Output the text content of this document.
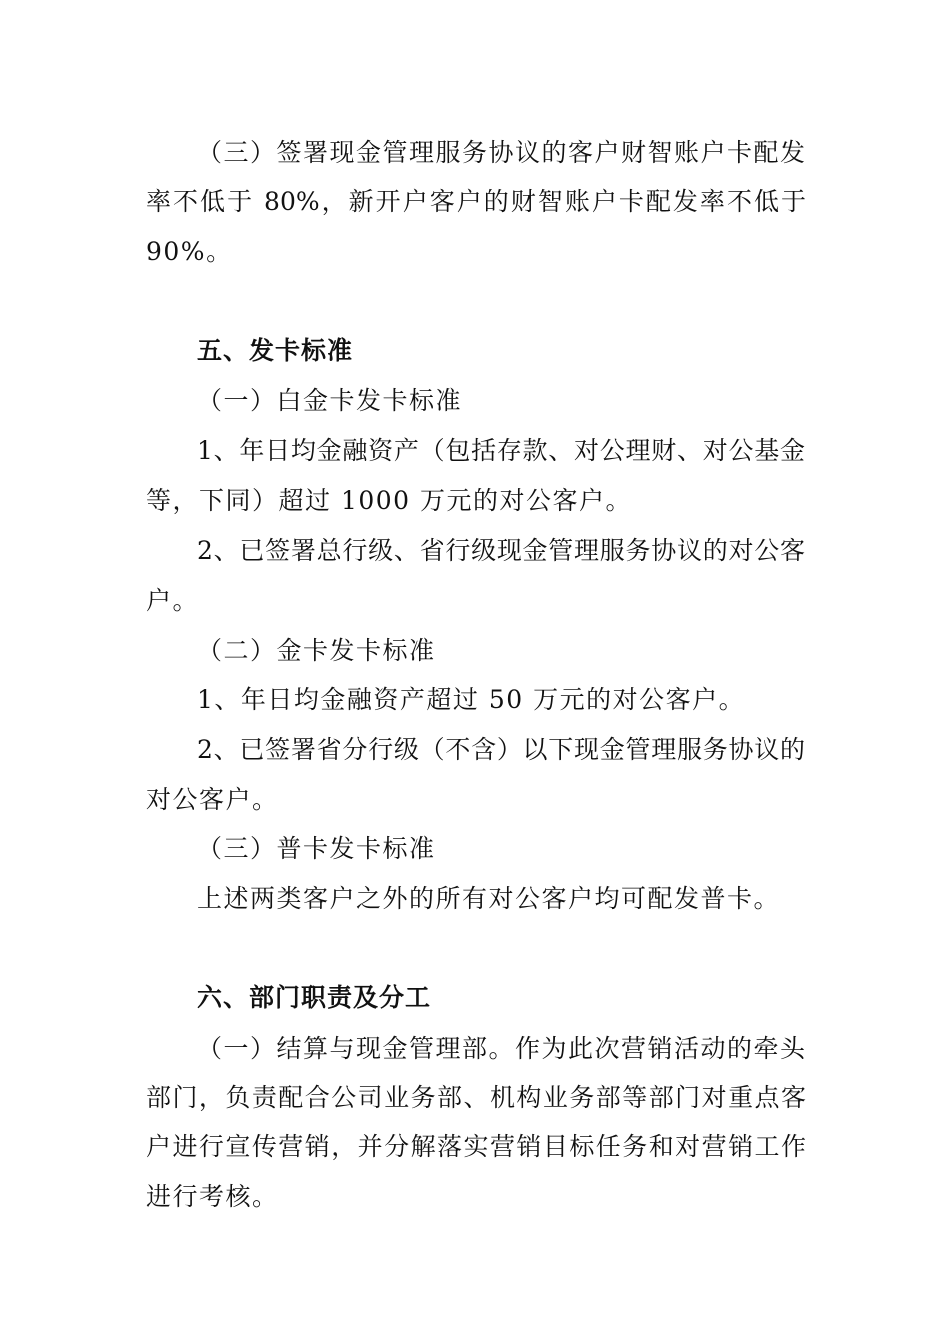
（三）签署现金管理服务协议的客户财智账户卡配发
率不低于 80%，新开户客户的财智账户卡配发率不低于
90%。
五、发卡标准
（一）白金卡发卡标准
1、年日均金融资产（包括存款、对公理财、对公基金
等，下同）超过 1000 万元的对公客户。
2、已签署总行级、省行级现金管理服务协议的对公客
户。
（二）金卡发卡标准
1、年日均金融资产超过 50 万元的对公客户。
2、已签署省分行级（不含）以下现金管理服务协议的
对公客户。
（三）普卡发卡标准
上述两类客户之外的所有对公客户均可配发普卡。
六、部门职责及分工
（一）结算与现金管理部。作为此次营销活动的牵头
部门，负责配合公司业务部、机构业务部等部门对重点客
户进行宣传营销，并分解落实营销目标任务和对营销工作
进行考核。
